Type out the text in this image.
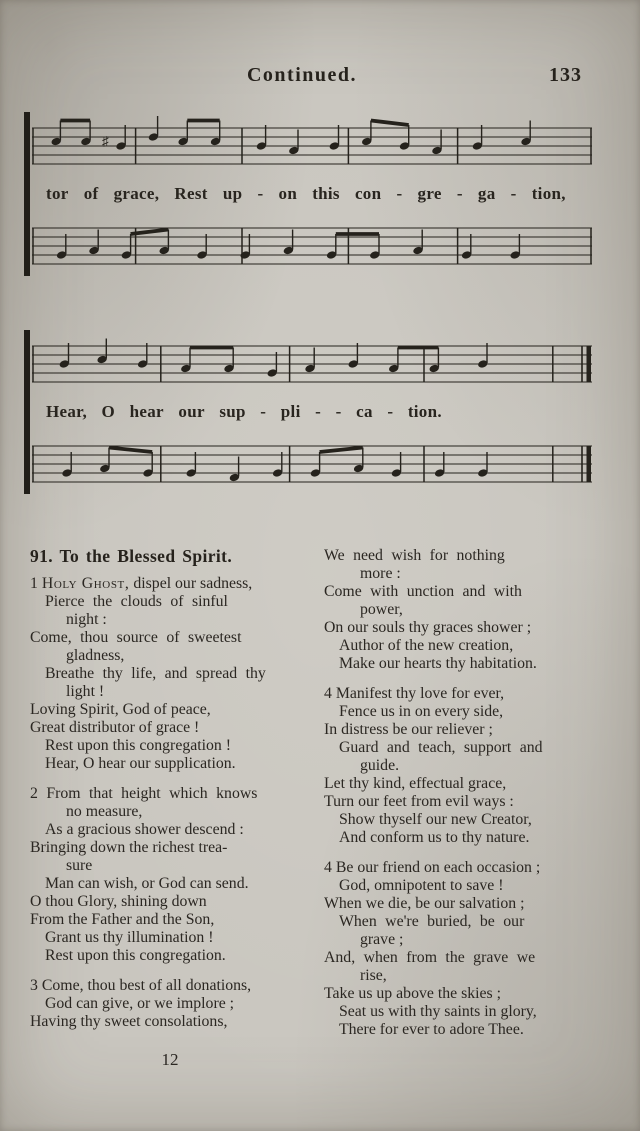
Continued.	133
♯
tor of grace, Rest up - on this con - gre - ga - tion,
Hear, O hear our sup - pli - - ca - tion.
91. To the Blessed Spirit.
1 Holy Ghost, dispel our sadness,
Pierce the clouds of sinful
night :
Come, thou source of sweetest
gladness,
Breathe thy life, and spread thy
light !
Loving Spirit, God of peace,
Great distributor of grace !
Rest upon this congregation !
Hear, O hear our supplication.
2 From that height which knows
no measure,
As a gracious shower descend :
Bringing down the richest trea-
sure
Man can wish, or God can send.
O thou Glory, shining down
From the Father and the Son,
Grant us thy illumination !
Rest upon this congregation.
3 Come, thou best of all donations,
God can give, or we implore ;
Having thy sweet consolations,
We need wish for nothing
more :
Come with unction and with
power,
On our souls thy graces shower ;
Author of the new creation,
Make our hearts thy habitation.
4 Manifest thy love for ever,
Fence us in on every side,
In distress be our reliever ;
Guard and teach, support and
guide.
Let thy kind, effectual grace,
Turn our feet from evil ways :
Show thyself our new Creator,
And conform us to thy nature.
4 Be our friend on each occasion ;
God, omnipotent to save !
When we die, be our salvation ;
When we're buried, be our
grave ;
And, when from the grave we
rise,
Take us up above the skies ;
Seat us with thy saints in glory,
There for ever to adore Thee.
12
